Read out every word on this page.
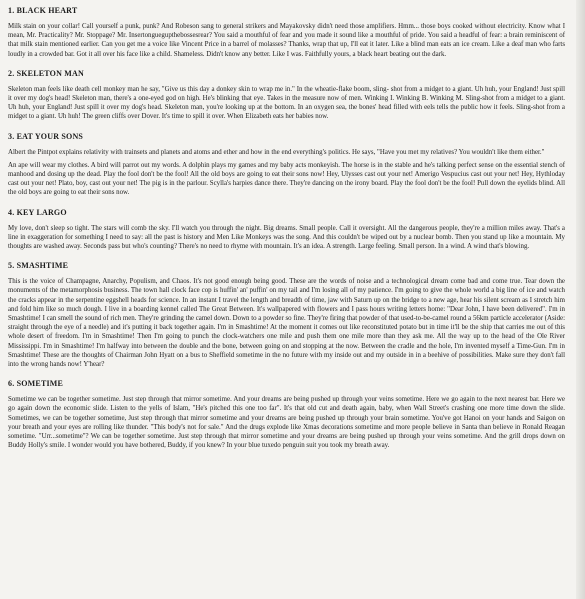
1. BLACK HEART
Milk stain on your collar! Call yourself a punk, punk? And Robeson sang to general strikers and Mayakovsky didn't need those amplifiers. Hmm... those boys cooked without electricity. Know what I mean, Mr. Practicality? Mr. Stoppage? Mr. Insertonguegupthebossesrear? You said a mouthful of fear and you made it sound like a mouthful of pride. You said a headful of fear: a brain reminiscent of that milk stain mentioned earlier. Can you get me a voice like Vincent Price in a barrel of molasses? Thanks, wrap that up, I'll eat it later. Like a blind man eats an ice cream. Like a deaf man who farts loudly in a crowded bar. Got it all over his face like a child. Shameless. Didn't know any better. Like I was. Faithfully yours, a black heart beating out the dark.
2. SKELETON MAN
Skeleton man feels like death cell monkey man he say, "Give us this day a donkey skin to wrap me in." In the wheatie-flake boom, sling- shot from a midget to a giant. Uh huh, your England! Just spill it over my dog's head! Skeleton man, there's a one-eyed god on high. He's blinking that eye. Takes in the measure now of men. Winking I. Winking B. Winking M. Sling-shot from a midget to a giant. Uh huh, your England! Just spill it over my dog's head. Skeleton man, you're looking up at the bottom. In an oxygen sea, the bones' head filled with eels tells the public how it feels. Sling-shot from a midget to a giant. Uh huh! The green cliffs over Dover. It's time to spill it over. When Elizabeth eats her babies now.
3. EAT YOUR SONS
Albert the Pintpot explains relativity with trainsets and planets and atoms and ether and how in the end everything's politics. He says, "Have you met my relatives? You wouldn't like them either."
An ape will wear my clothes. A bird will parrot out my words. A dolphin plays my games and my baby acts monkeyish. The horse is in the stable and he's talking perfect sense on the essential stench of manhood and dosing up the dead. Play the fool don't be the fool! All the old boys are going to eat their sons now! Hey, Ulysses cast out your net! Amerigo Vespucius cast out your net! Hey, Hythloday cast out your net! Plato, boy, cast out your net! The pig is in the parlour. Scylla's harpies dance there. They're dancing on the irony board. Play the fool don't be the fool! Pull down the eyelids blind. All the old boys are going to eat their sons now.
4. KEY LARGO
My love, don't sleep so tight. The stars will comb the sky. I'll watch you through the night. Big dreams. Small people. Call it oversight. All the dangerous people, they're a million miles away. That's a line in exaggeration for something I need to say: all the past is history and Men Like Monkeys was the song. And this couldn't be wiped out by a nuclear bomb. Then you stand up like a mountain. My thoughts are washed away. Seconds pass but who's counting? There's no need to rhyme with mountain. It's an idea. A strength. Large feeling. Small person. In a wind. A wind that's blowing.
5. SMASHTIME
This is the voice of Champagne, Anarchy, Populism, and Chaos. It's not good enough being good. These are the words of noise and a technological dream come bad and come true. Tear down the monuments of the metamorphosis business. The town hall clock face cop is huffin' an' puffin' on my tail and I'm losing all of my patience. I'm going to give the whole world a big line of ice and watch the cracks appear in the serpentine eggshell heads for science. In an instant I travel the length and breadth of time, jaw with Saturn up on the bridge to a new age, hear his silent scream as I stretch him and fold him like so much dough. I live in a boarding kennel called The Great Between. It's wallpapered with flowers and I pass hours writing letters home: "Dear John, I have been delivered". I'm in Smashtime! I can smell the sound of rich men. They're grinding the camel down. Down to a powder so fine. They're firing that powder of that used-to-be-camel round a 56km particle accelerator (Aside: straight through the eye of a needle) and it's putting it back together again. I'm in Smashtime! At the moment it comes out like reconstituted potato but in time it'll be the ship that carries me out of this whole desert of freedom. I'm in Smashtime! Then I'm going to punch the clock-watchers one mile and push them one mile more than they ask me. All the way up to the head of the Ole River Mississippi. I'm in Smashtime! I'm halfway into between the double and the bone, between going on and stopping at the now. Between the cradle and the hole, I'm invented myself a Time-Gun. I'm in Smashtime! These are the thoughts of Chairman John Hyatt on a bus to Sheffield sometime in the no future with my inside out and my outside in in a beehive of possibilities. Make sure they don't fall into the wrong hands now! Y'hear?
6. SOMETIME
Sometime we can be together sometime. Just step through that mirror sometime. And your dreams are being pushed up through your veins sometime. Here we go again to the next nearest bar. Here we go again down the economic slide. Listen to the yells of Islam, "He's pitched this one too far". It's that old cut and death again, baby, when Wall Street's crashing one more time down the slide. Sometimes, we can be together sometime, Just step through that mirror sometime and your dreams are being pushed up through your brain sometime. You've got Hanoi on your hands and Saigon on your breath and your eyes are rolling like thunder. "This body's not for sale." And the drugs explode like Xmas decorations sometime and more people believe in Santa than believe in Ronald Reagan sometime. "Urr...sometime"? We can be together sometime. Just step through that mirror sometime and your dreams are being pushed up through your veins sometime. And the grill drops down on Buddy Holly's smile. I wonder would you have bothered, Buddy, if you knew? In your blue tuxedo penguin suit you took my breath away.
